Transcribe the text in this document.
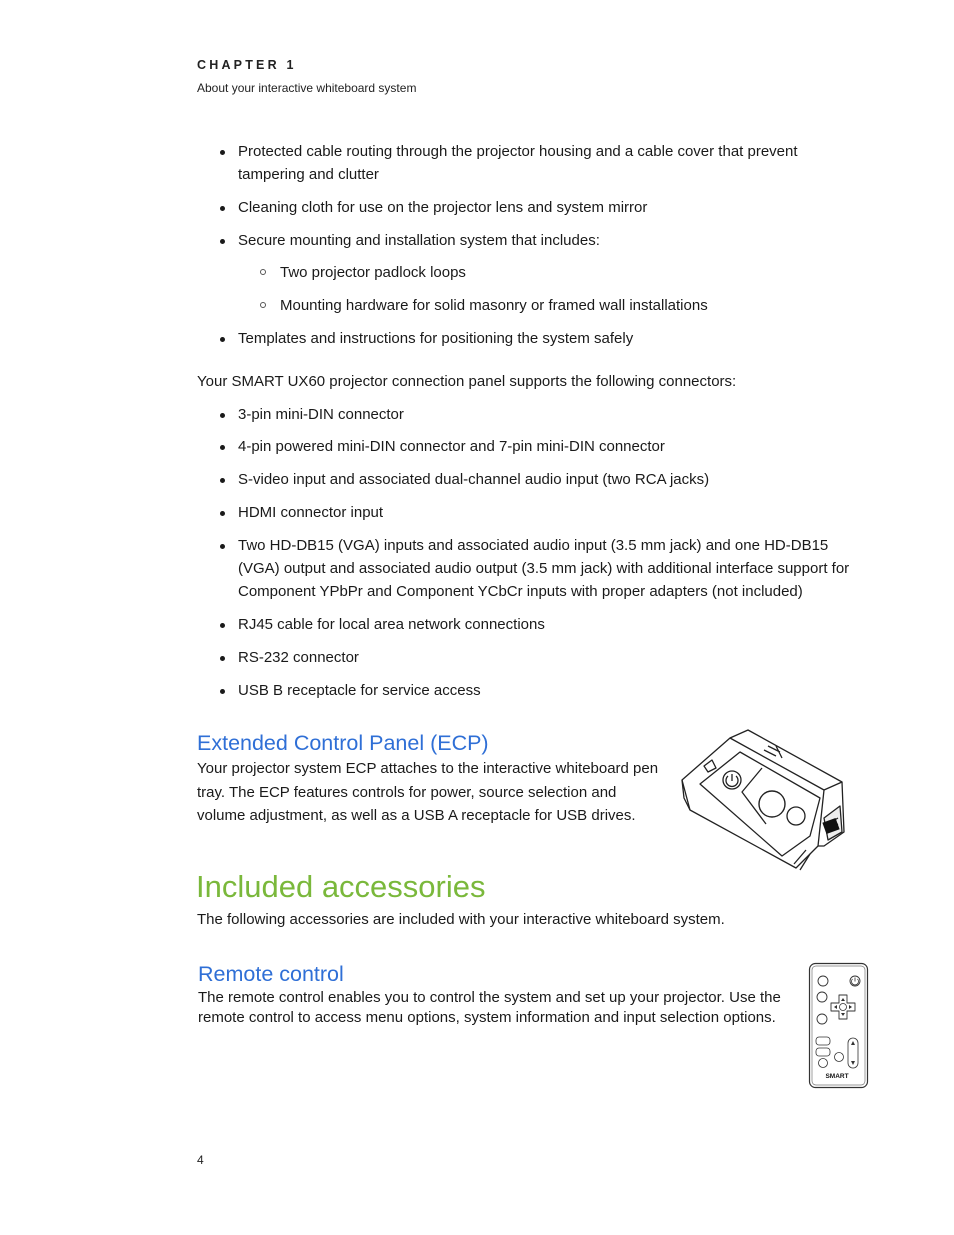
CHAPTER 1
About your interactive whiteboard system
Protected cable routing through the projector housing and a cable cover that prevent tampering and clutter
Cleaning cloth for use on the projector lens and system mirror
Secure mounting and installation system that includes:
Two projector padlock loops
Mounting hardware for solid masonry or framed wall installations
Templates and instructions for positioning the system safely
Your SMART UX60 projector connection panel supports the following connectors:
3-pin mini-DIN connector
4-pin powered mini-DIN connector and 7-pin mini-DIN connector
S-video input and associated dual-channel audio input (two RCA jacks)
HDMI connector input
Two HD-DB15 (VGA) inputs and associated audio input (3.5 mm jack) and one HD-DB15 (VGA) output and associated audio output (3.5 mm jack) with additional interface support for Component YPbPr and Component YCbCr inputs with proper adapters (not included)
RJ45 cable for local area network connections
RS-232 connector
USB B receptacle for service access
Extended Control Panel (ECP)
Your projector system ECP attaches to the interactive whiteboard pen tray. The ECP features controls for power, source selection and volume adjustment, as well as a USB A receptacle for USB drives.
Included accessories
The following accessories are included with your interactive whiteboard system.
Remote control
The remote control enables you to control the system and set up your projector. Use the remote control to access menu options, system information and input selection options.
SMART
4
